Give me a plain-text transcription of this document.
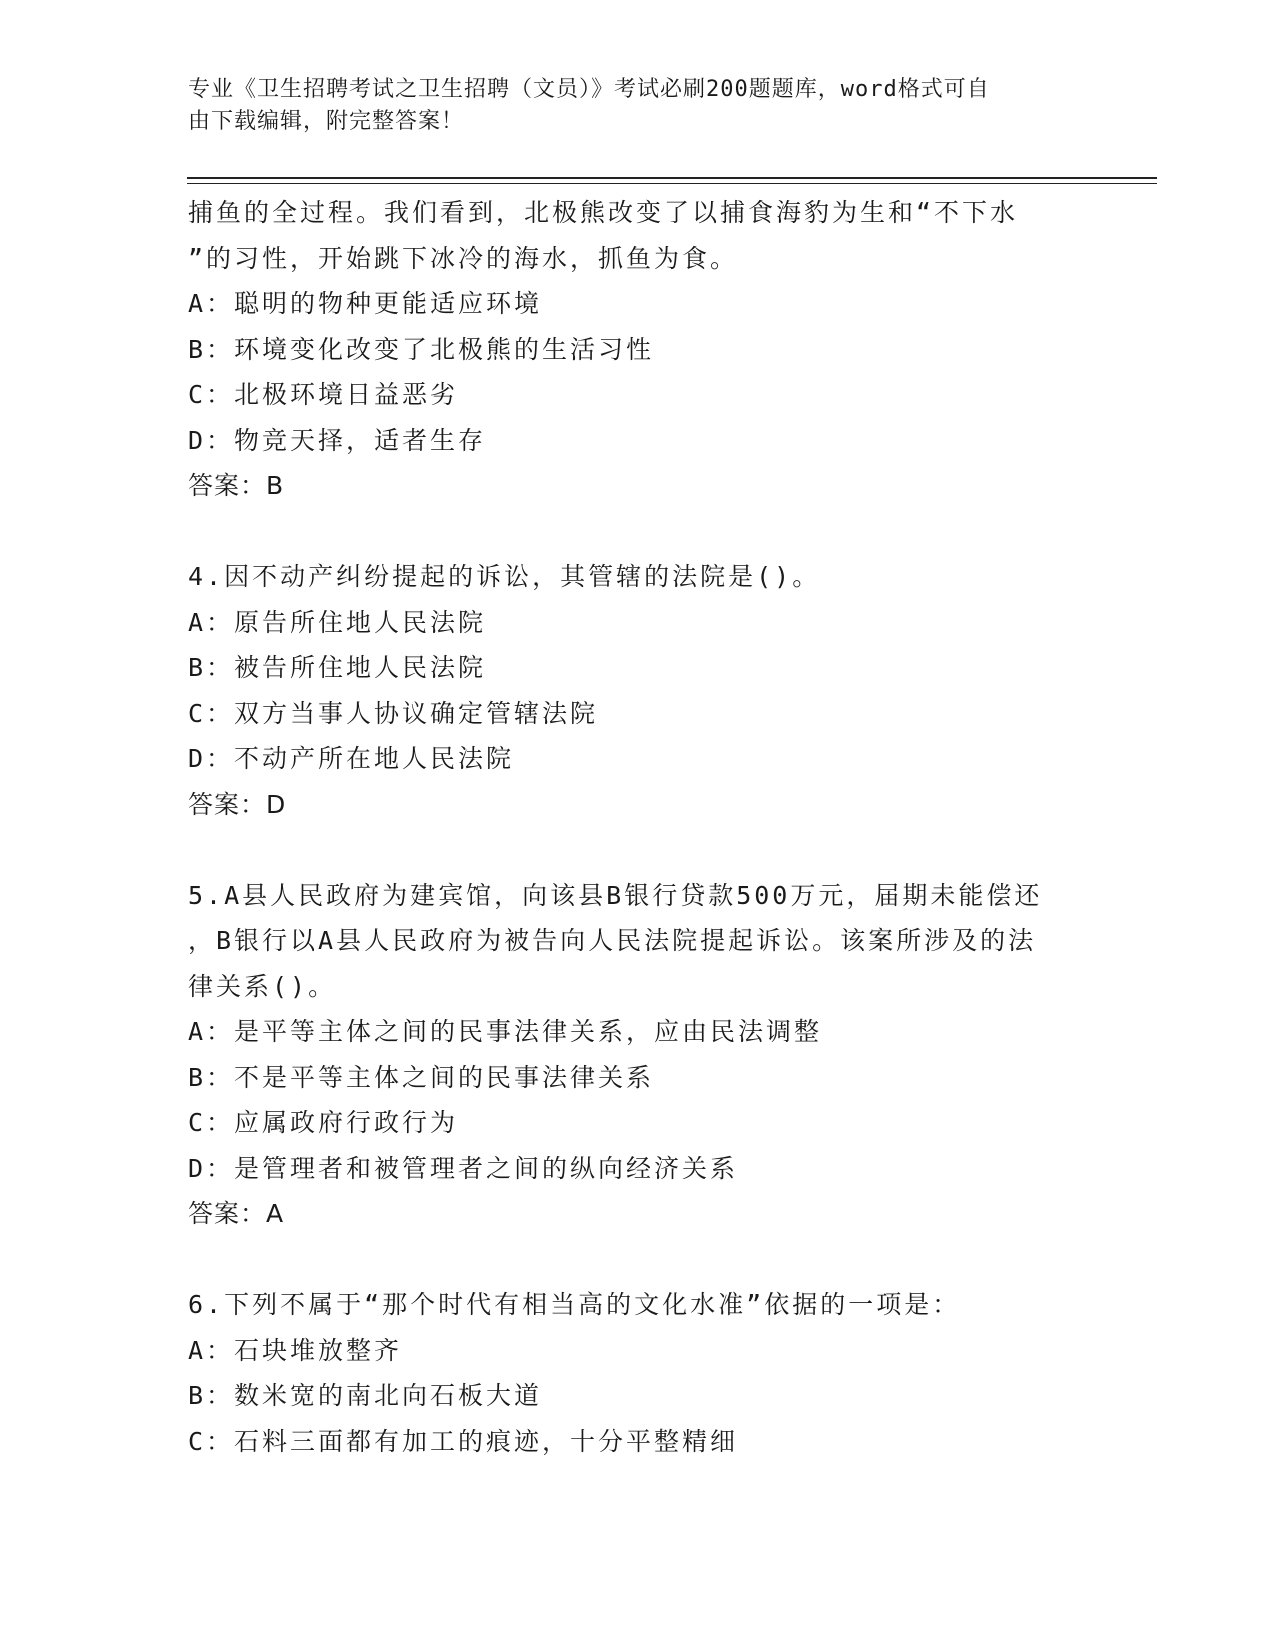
专业《卫生招聘考试之卫生招聘（文员）》考试必刷200题题库，word格式可自
由下载编辑，附完整答案！
捕鱼的全过程。我们看到，北极熊改变了以捕食海豹为生和“不下水
”的习性，开始跳下冰冷的海水，抓鱼为食。
A：聪明的物种更能适应环境
B：环境变化改变了北极熊的生活习性
C：北极环境日益恶劣
D：物竞天择，适者生存
答案：B
4.因不动产纠纷提起的诉讼，其管辖的法院是()。
A：原告所住地人民法院
B：被告所住地人民法院
C：双方当事人协议确定管辖法院
D：不动产所在地人民法院
答案：D
5.A县人民政府为建宾馆，向该县B银行贷款500万元，届期未能偿还
，B银行以A县人民政府为被告向人民法院提起诉讼。该案所涉及的法
律关系()。
A：是平等主体之间的民事法律关系，应由民法调整
B：不是平等主体之间的民事法律关系
C：应属政府行政行为
D：是管理者和被管理者之间的纵向经济关系
答案：A
6.下列不属于“那个时代有相当高的文化水准”依据的一项是：
A：石块堆放整齐
B：数米宽的南北向石板大道
C：石料三面都有加工的痕迹，十分平整精细
